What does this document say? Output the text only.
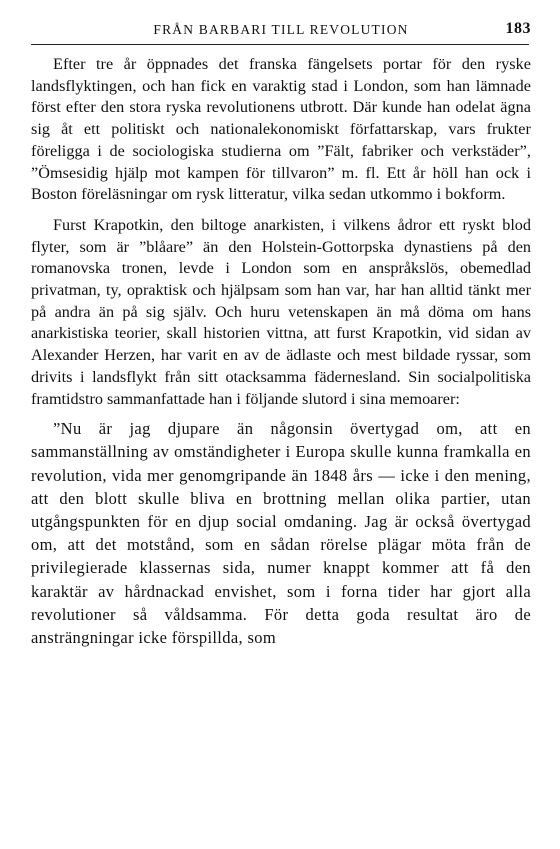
FRÅN BARBARI TILL REVOLUTION	183

Efter tre år öppnades det franska fängelsets portar för den ryske landsflyktingen, och han fick en varaktig stad i London, som han lämnade först efter den stora ryska revolutionens utbrott. Där kunde han odelat ägna sig åt ett politiskt och nationalekonomiskt författarskap, vars frukter föreligga i de sociologiska studierna om ”Fält, fabriker och verkstäder”, ”Ömsesidig hjälp mot kampen för tillvaron” m. fl. Ett år höll han ock i Boston föreläsningar om rysk litteratur, vilka sedan utkommo i bokform.

Furst Krapotkin, den biltoge anarkisten, i vilkens ådror ett ryskt blod flyter, som är ”blåare” än den Holstein-Gottorpska dynastiens på den romanovska tronen, levde i London som en anspråkslös, obemedlad privatman, ty, opraktisk och hjälpsam som han var, har han alltid tänkt mer på andra än på sig själv. Och huru vetenskapen än må döma om hans anarkistiska teorier, skall historien vittna, att furst Krapotkin, vid sidan av Alexander Herzen, har varit en av de ädlaste och mest bildade ryssar, som drivits i landsflykt från sitt otacksamma fädernesland. Sin socialpolitiska framtidstro sammanfattade han i följande slutord i sina memoarer:

”Nu är jag djupare än någonsin övertygad om, att en sammanställning av omständigheter i Europa skulle kunna framkalla en revolution, vida mer genomgripande än 1848 års — icke i den mening, att den blott skulle bliva en brottning mellan olika partier, utan utgångspunkten för en djup social omdaning. Jag är också övertygad om, att det motstånd, som en sådan rörelse plägar möta från de privilegierade klassernas sida, numer knappt kommer att få den karaktär av hårdnackad envishet, som i forna tider har gjort alla revolutioner så våldsamma. För detta goda resultat äro de ansträngningar icke förspillda, som
